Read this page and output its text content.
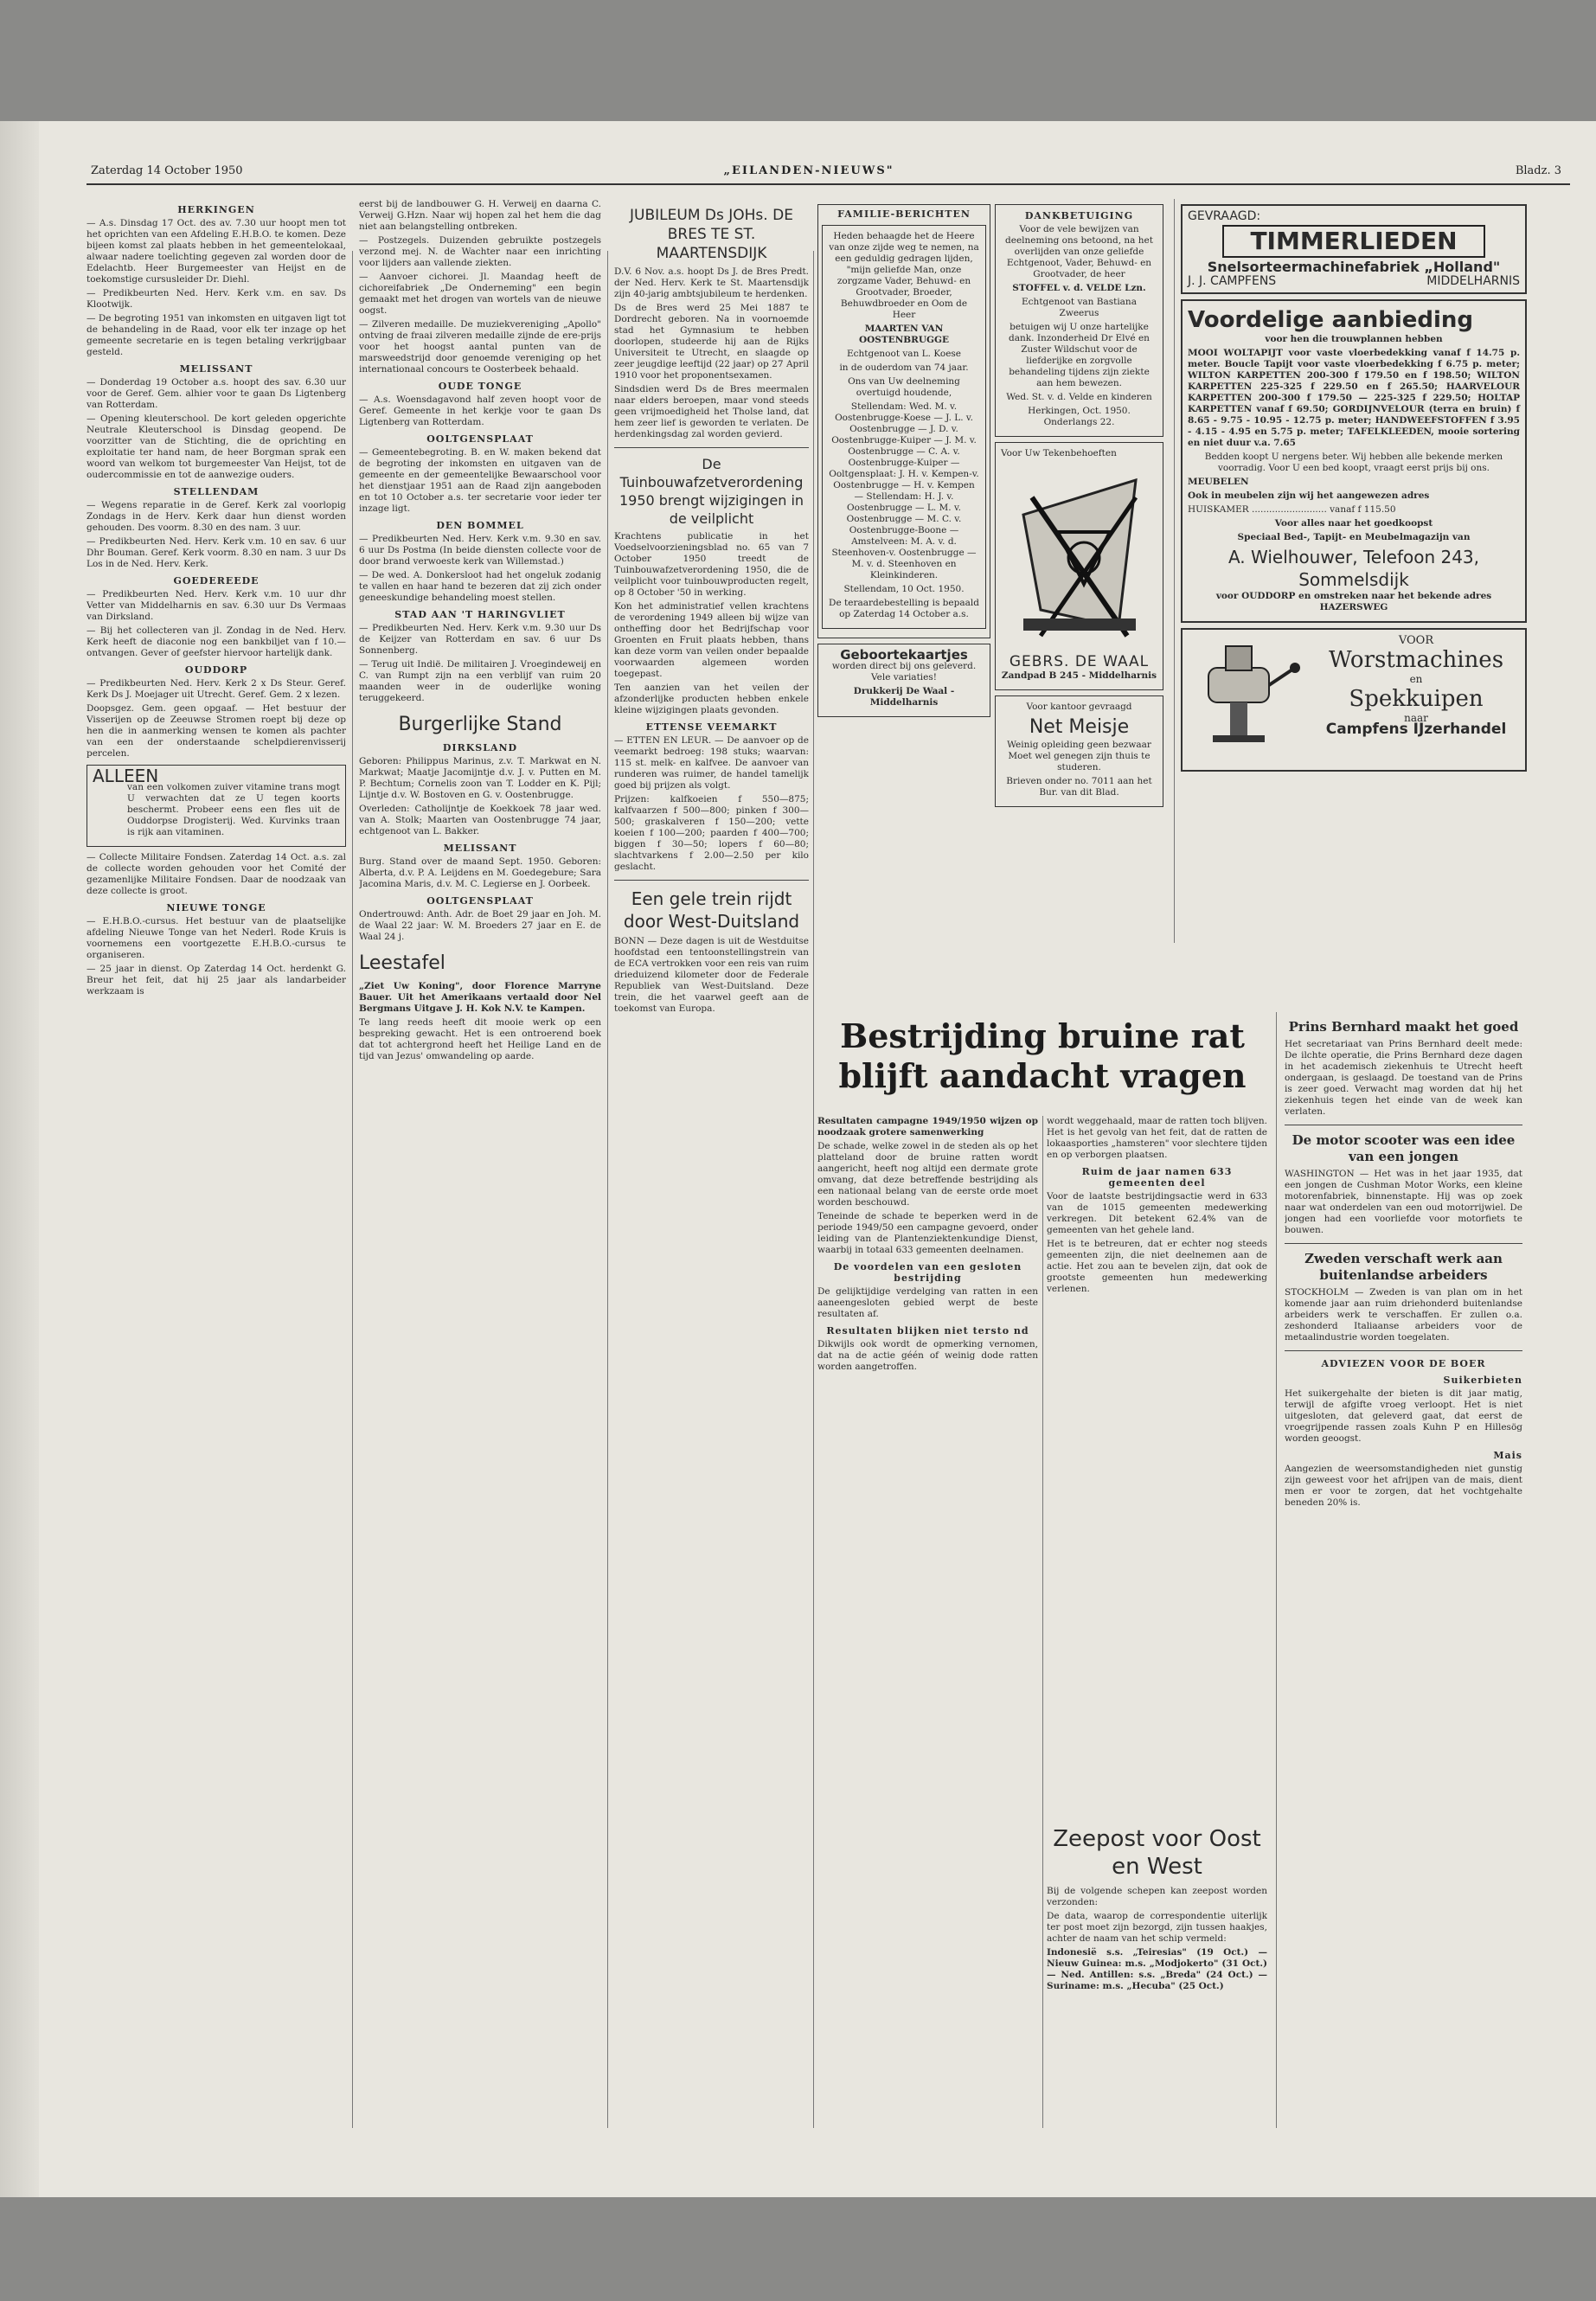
Zaterdag 14 October 1950	„EILANDEN-NIEUWS"	Bladz. 3
HERKINGEN

— A.s. Dinsdag 17 Oct. des av. 7.30 uur hoopt men tot het oprichten van een Afdeling E.H.B.O. te komen. Deze bijeen komst zal plaats hebben in het gemeentelokaal, alwaar nadere toelichting gegeven zal worden door de Edelachtb. Heer Burgemeester van Heijst en de toekomstige cursusleider Dr. Diehl.

— Predikbeurten Ned. Herv. Kerk v.m. en sav. Ds Klootwijk.

— De begroting 1951 van inkomsten en uitgaven ligt tot de behandeling in de Raad, voor elk ter inzage op het gemeente secretarie en is tegen betaling verkrijgbaar gesteld.

MELISSANT

— Donderdag 19 October a.s. hoopt des sav. 6.30 uur voor de Geref. Gem. alhier voor te gaan Ds Ligtenberg van Rotterdam.

— Opening kleuterschool. De kort geleden opgerichte Neutrale Kleuterschool is Dinsdag geopend. De voorzitter van de Stichting, die de oprichting en exploitatie ter hand nam, de heer Borgman sprak een woord van welkom tot burgemeester Van Heijst, tot de oudercommissie en tot de aanwezige ouders.

STELLENDAM

— Wegens reparatie in de Geref. Kerk zal voorlopig Zondags in de Herv. Kerk daar hun dienst worden gehouden. Des voorm. 8.30 en des nam. 3 uur.

— Predikbeurten Ned. Herv. Kerk v.m. 10 en sav. 6 uur Dhr Bouman. Geref. Kerk voorm. 8.30 en nam. 3 uur Ds Los in de Ned. Herv. Kerk.

GOEDEREEDE

— Predikbeurten Ned. Herv. Kerk v.m. 10 uur dhr Vetter van Middelharnis en sav. 6.30 uur Ds Vermaas van Dirksland.

— Bij het collecteren van jl. Zondag in de Ned. Herv. Kerk heeft de diaconie nog een bankbiljet van f 10.— ontvangen. Gever of geefster hiervoor hartelijk dank.

OUDDORP

— Predikbeurten Ned. Herv. Kerk 2 x Ds Steur. Geref. Kerk Ds J. Moejager uit Utrecht. Geref. Gem. 2 x lezen.

Doopsgez. Gem. geen opgaaf. — Het bestuur der Visserijen op de Zeeuwse Stromen roept bij deze op hen die in aanmerking wensen te komen als pachter van een der onderstaande schelpdierenvisserij percelen.

ALLEEN

van een volkomen zuiver vitamine trans mogt U verwachten dat ze U tegen koorts beschermt. Probeer eens een fles uit de Ouddorpse Drogisterij. Wed. Kurvinks traan is rijk aan vitaminen.

— Collecte Militaire Fondsen. Zaterdag 14 Oct. a.s. zal de collecte worden gehouden voor het Comité der gezamenlijke Militaire Fondsen. Daar de noodzaak van deze collecte is groot.

NIEUWE TONGE

— E.H.B.O.-cursus. Het bestuur van de plaatselijke afdeling Nieuwe Tonge van het Nederl. Rode Kruis is voornemens een voortgezette E.H.B.O.-cursus te organiseren.

— 25 jaar in dienst. Op Zaterdag 14 Oct. herdenkt G. Breur het feit, dat hij 25 jaar als landarbeider werkzaam is

eerst bij de landbouwer G. H. Verweij en daarna C. Verweij G.Hzn. Naar wij hopen zal het hem die dag niet aan belangstelling ontbreken.

— Postzegels. Duizenden gebruikte postzegels verzond mej. N. de Wachter naar een inrichting voor lijders aan vallende ziekten.

— Aanvoer cichorei. Jl. Maandag heeft de cichoreifabriek „De Onderneming" een begin gemaakt met het drogen van wortels van de nieuwe oogst.

— Zilveren medaille. De muziekvereniging „Apollo" ontving de fraai zilveren medaille zijnde de ere-prijs voor het hoogst aantal punten van de marsweedstrijd door genoemde vereniging op het internationaal concours te Oosterbeek behaald.

OUDE TONGE

— A.s. Woensdagavond half zeven hoopt voor de Geref. Gemeente in het kerkje voor te gaan Ds Ligtenberg van Rotterdam.

OOLTGENSPLAAT

— Gemeentebegroting. B. en W. maken bekend dat de begroting der inkomsten en uitgaven van de gemeente en der gemeentelijke Bewaarschool voor het dienstjaar 1951 aan de Raad zijn aangeboden en tot 10 October a.s. ter secretarie voor ieder ter inzage ligt.

DEN BOMMEL

— Predikbeurten Ned. Herv. Kerk v.m. 9.30 en sav. 6 uur Ds Postma (In beide diensten collecte voor de door brand verwoeste kerk van Willemstad.)

— De wed. A. Donkersloot had het ongeluk zodanig te vallen en haar hand te bezeren dat zij zich onder geneeskundige behandeling moest stellen.

STAD AAN 'T HARINGVLIET

— Predikbeurten Ned. Herv. Kerk v.m. 9.30 uur Ds de Keijzer van Rotterdam en sav. 6 uur Ds Sonnenberg.

— Terug uit Indië. De militairen J. Vroegindeweij en C. van Rumpt zijn na een verblijf van ruim 20 maanden weer in de ouderlijke woning teruggekeerd.

Burgerlijke Stand
DIRKSLAND

Geboren: Philippus Marinus, z.v. T. Markwat en N. Markwat; Maatje Jacomijntje d.v. J. v. Putten en M. P. Bechtum; Cornelis zoon van T. Lodder en K. Pijl; Lijntje d.v. W. Bostoven en G. v. Oostenbrugge.

Overleden: Catholijntje de Koekkoek 78 jaar wed. van A. Stolk; Maarten van Oostenbrugge 74 jaar, echtgenoot van L. Bakker.

MELISSANT

Burg. Stand over de maand Sept. 1950. Geboren: Alberta, d.v. P. A. Leijdens en M. Goedegebure; Sara Jacomina Maris, d.v. M. C. Legierse en J. Oorbeek.

OOLTGENSPLAAT

Ondertrouwd: Anth. Adr. de Boet 29 jaar en Joh. M. de Waal 22 jaar: W. M. Broeders 27 jaar en E. de Waal 24 j.

Leestafel

„Ziet Uw Koning", door Florence Marryne Bauer. Uit het Amerikaans vertaald door Nel Bergmans Uitgave J. H. Kok N.V. te Kampen.

Te lang reeds heeft dit mooie werk op een bespreking gewacht. Het is een ontroerend boek dat tot achtergrond heeft het Heilige Land en de tijd van Jezus' omwandeling op aarde.

JUBILEUM Ds JOHs. DE BRES TE ST. MAARTENSDIJK

D.V. 6 Nov. a.s. hoopt Ds J. de Bres Predt. der Ned. Herv. Kerk te St. Maartensdijk zijn 40-jarig ambtsjubileum te herdenken.

Ds de Bres werd 25 Mei 1887 te Dordrecht geboren. Na in voornoemde stad het Gymnasium te hebben doorlopen, studeerde hij aan de Rijks Universiteit te Utrecht, en slaagde op zeer jeugdige leeftijd (22 jaar) op 27 April 1910 voor het proponentsexamen.

Sindsdien werd Ds de Bres meermalen naar elders beroepen, maar vond steeds geen vrijmoedigheid het Tholse land, dat hem zeer lief is geworden te verlaten. De herdenkingsdag zal worden gevierd.

De Tuinbouwafzetverordening 1950 brengt wijzigingen in de veilplicht

Krachtens publicatie in het Voedselvoorzieningsblad no. 65 van 7 October 1950 treedt de Tuinbouwafzetverordening 1950, die de veilplicht voor tuinbouwproducten regelt, op 8 October '50 in werking.

Kon het administratief vellen krachtens de verordening 1949 alleen bij wijze van ontheffing door het Bedrijfschap voor Groenten en Fruit plaats hebben, thans kan deze vorm van veilen onder bepaalde voorwaarden algemeen worden toegepast.

Ten aanzien van het veilen der afzonderlijke producten hebben enkele kleine wijzigingen plaats gevonden.

ETTENSE VEEMARKT

— ETTEN EN LEUR. — De aanvoer op de veemarkt bedroeg: 198 stuks; waarvan: 115 st. melk- en kalfvee. De aanvoer van runderen was ruimer, de handel tamelijk goed bij prijzen als volgt.

Prijzen: kalfkoeien f 550—875; kalfvaarzen f 500—800; pinken f 300—500; graskalveren f 150—200; vette koeien f 100—200; paarden f 400—700; biggen f 30—50; lopers f 60—80; slachtvarkens f 2.00—2.50 per kilo geslacht.

Een gele trein rijdt door West-Duitsland

BONN — Deze dagen is uit de Westduitse hoofdstad een tentoonstellingstrein van de ECA vertrokken voor een reis van ruim drieduizend kilometer door de Federale Republiek van West-Duitsland. Deze trein, die het vaarwel geeft aan de toekomst van Europa.

FAMILIE-BERICHTEN

Heden behaagde het de Heere van onze zijde weg te nemen, na een geduldig gedragen lijden, "mijn geliefde Man, onze zorgzame Vader, Behuwd- en Grootvader, Broeder, Behuwdbroeder en Oom de Heer

MAARTEN VAN OOSTENBRUGGE

Echtgenoot van L. Koese

in de ouderdom van 74 jaar.

Ons van Uw deelneming overtuigd houdende,

Stellendam: Wed. M. v. Oostenbrugge-Koese — J. L. v. Oostenbrugge — J. D. v. Oostenbrugge-Kuiper — J. M. v. Oostenbrugge — C. A. v. Oostenbrugge-Kuiper — Ooltgensplaat: J. H. v. Kempen-v. Oostenbrugge — H. v. Kempen — Stellendam: H. J. v. Oostenbrugge — L. M. v. Oostenbrugge — M. C. v. Oostenbrugge-Boone — Amstelveen: M. A. v. d. Steenhoven-v. Oostenbrugge — M. v. d. Steenhoven en Kleinkinderen.

Stellendam, 10 Oct. 1950.

De teraardebestelling is bepaald op Zaterdag 14 October a.s.

Geboortekaartjes

worden direct bij ons geleverd. Vele variaties!

Drukkerij De Waal - Middelharnis

DANKBETUIGING

Voor de vele bewijzen van deelneming ons betoond, na het overlijden van onze geliefde Echtgenoot, Vader, Behuwd- en Grootvader, de heer

STOFFEL v. d. VELDE Lzn.

Echtgenoot van Bastiana Zweerus

betuigen wij U onze hartelijke dank. Inzonderheid Dr Elvé en Zuster Wildschut voor de liefderijke en zorgvolle behandeling tijdens zijn ziekte aan hem bewezen.

Wed. St. v. d. Velde en kinderen

Herkingen, Oct. 1950. Onderlangs 22.

Voor Uw Tekenbehoeften

GEBRS. DE WAAL

Zandpad B 245 - Middelharnis

Voor kantoor gevraagd

Net Meisje

Weinig opleiding geen bezwaar Moet wel genegen zijn thuis te studeren.

Brieven onder no. 7011 aan het Bur. van dit Blad.

Bestrijding bruine rat blijft aandacht vragen

Resultaten campagne 1949/1950 wijzen op noodzaak grotere samenwerking

De schade, welke zowel in de steden als op het platteland door de bruine ratten wordt aangericht, heeft nog altijd een dermate grote omvang, dat deze betreffende bestrijding als een nationaal belang van de eerste orde moet worden beschouwd.

Teneinde de schade te beperken werd in de periode 1949/50 een campagne gevoerd, onder leiding van de Plantenziektenkundige Dienst, waarbij in totaal 633 gemeenten deelnamen.

De voordelen van een gesloten bestrijding

De gelijktijdige verdelging van ratten in een aaneengesloten gebied werpt de beste resultaten af.

Resultaten blijken niet tersto nd

Dikwijls ook wordt de opmerking vernomen, dat na de actie géén of weinig dode ratten worden aangetroffen.

wordt weggehaald, maar de ratten toch blijven. Het is het gevolg van het feit, dat de ratten de lokaasporties „hamsteren" voor slechtere tijden en op verborgen plaatsen.

Ruim de jaar namen 633 gemeenten deel

Voor de laatste bestrijdingsactie werd in 633 van de 1015 gemeenten medewerking verkregen. Dit betekent 62.4% van de gemeenten van het gehele land.

Het is te betreuren, dat er echter nog steeds gemeenten zijn, die niet deelnemen aan de actie. Het zou aan te bevelen zijn, dat ook de grootste gemeenten hun medewerking verlenen.

Zeepost voor Oost en West

Bij de volgende schepen kan zeepost worden verzonden:

De data, waarop de correspondentie uiterlijk ter post moet zijn bezorgd, zijn tussen haakjes, achter de naam van het schip vermeld:

Indonesië s.s. „Teiresias" (19 Oct.) — Nieuw Guinea: m.s. „Modjokerto" (31 Oct.) — Ned. Antillen: s.s. „Breda" (24 Oct.) — Suriname: m.s. „Hecuba" (25 Oct.)

GEVRAAGD:

TIMMERLIEDEN
Snelsorteermachinefabriek „Holland"
J. J. CAMPFENS	MIDDELHARNIS
Voordelige aanbieding

voor hen die trouwplannen hebben

MOOI WOLTAPIJT voor vaste vloerbedekking vanaf f 14.75 p. meter. Boucle Tapijt voor vaste vloerbedekking f 6.75 p. meter; WILTON KARPETTEN 200-300 f 179.50 en f 198.50; WILTON KARPETTEN 225-325 f 229.50 en f 265.50; HAARVELOUR KARPETTEN 200-300 f 179.50 — 225-325 f 229.50; HOLTAP KARPETTEN vanaf f 69.50; GORDIJNVELOUR (terra en bruin) f 8.65 - 9.75 - 10.95 - 12.75 p. meter; HANDWEEFSTOFFEN f 3.95 - 4.15 - 4.95 en 5.75 p. meter; TAFELKLEEDEN, mooie sortering en niet duur v.a. 7.65

Bedden koopt U nergens beter. Wij hebben alle bekende merken voorradig. Voor U een bed koopt, vraagt eerst prijs bij ons.

MEUBELEN

Ook in meubelen zijn wij het aangewezen adres

HUISKAMER .......................... vanaf f 115.50

Voor alles naar het goedkoopst

Speciaal Bed-, Tapijt- en Meubelmagazijn van

A. Wielhouwer, Telefoon 243, Sommelsdijk

voor OUDDORP en omstreken naar het bekende adres HAZERSWEG

VOOR
Worstmachines
en
Spekkuipen
naar
Campfens IJzerhandel
Prins Bernhard maakt het goed

Het secretariaat van Prins Bernhard deelt mede: De ilchte operatie, die Prins Bernhard deze dagen in het academisch ziekenhuis te Utrecht heeft ondergaan, is geslaagd. De toestand van de Prins is zeer goed. Verwacht mag worden dat hij het ziekenhuis tegen het einde van de week kan verlaten.

De motor scooter was een idee van een jongen

WASHINGTON — Het was in het jaar 1935, dat een jongen de Cushman Motor Works, een kleine motorenfabriek, binnenstapte. Hij was op zoek naar wat onderdelen van een oud motorrijwiel. De jongen had een voorliefde voor motorfiets te bouwen.

Zweden verschaft werk aan buitenlandse arbeiders

STOCKHOLM — Zweden is van plan om in het komende jaar aan ruim driehonderd buitenlandse arbeiders werk te verschaffen. Er zullen o.a. zeshonderd Italiaanse arbeiders voor de metaalindustrie worden toegelaten.

ADVIEZEN VOOR DE BOER
Suikerbieten

Het suikergehalte der bieten is dit jaar matig, terwijl de afgifte vroeg verloopt. Het is niet uitgesloten, dat geleverd gaat, dat eerst de vroegrijpende rassen zoals Kuhn P en Hillesög worden geoogst.

Mais

Aangezien de weersomstandigheden niet gunstig zijn geweest voor het afrijpen van de mais, dient men er voor te zorgen, dat het vochtgehalte beneden 20% is.
